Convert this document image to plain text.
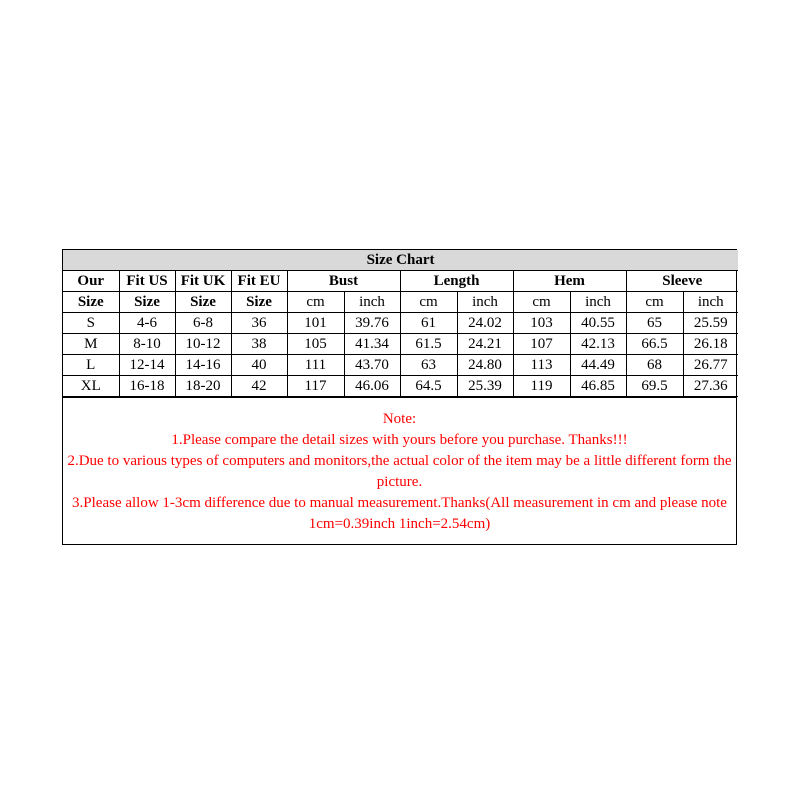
Size Chart											
Our	Fit US	Fit UK	Fit EU	Bust		Length		Hem		Sleeve	
Size	Size	Size	Size	cm	inch	cm	inch	cm	inch	cm	inch
S	4-6	6-8	36	101	39.76	61	24.02	103	40.55	65	25.59
M	8-10	10-12	38	105	41.34	61.5	24.21	107	42.13	66.5	26.18
L	12-14	14-16	40	111	43.70	63	24.80	113	44.49	68	26.77
XL	16-18	18-20	42	117	46.06	64.5	25.39	119	46.85	69.5	27.36

Note:

1.Please compare the detail sizes with yours before you purchase. Thanks!!!

2.Due to various types of computers and monitors,the actual color of the item may be a little different form the picture.

3.Please allow 1-3cm difference due to manual measurement.Thanks(All measurement in cm and please note 1cm=0.39inch 1inch=2.54cm)
